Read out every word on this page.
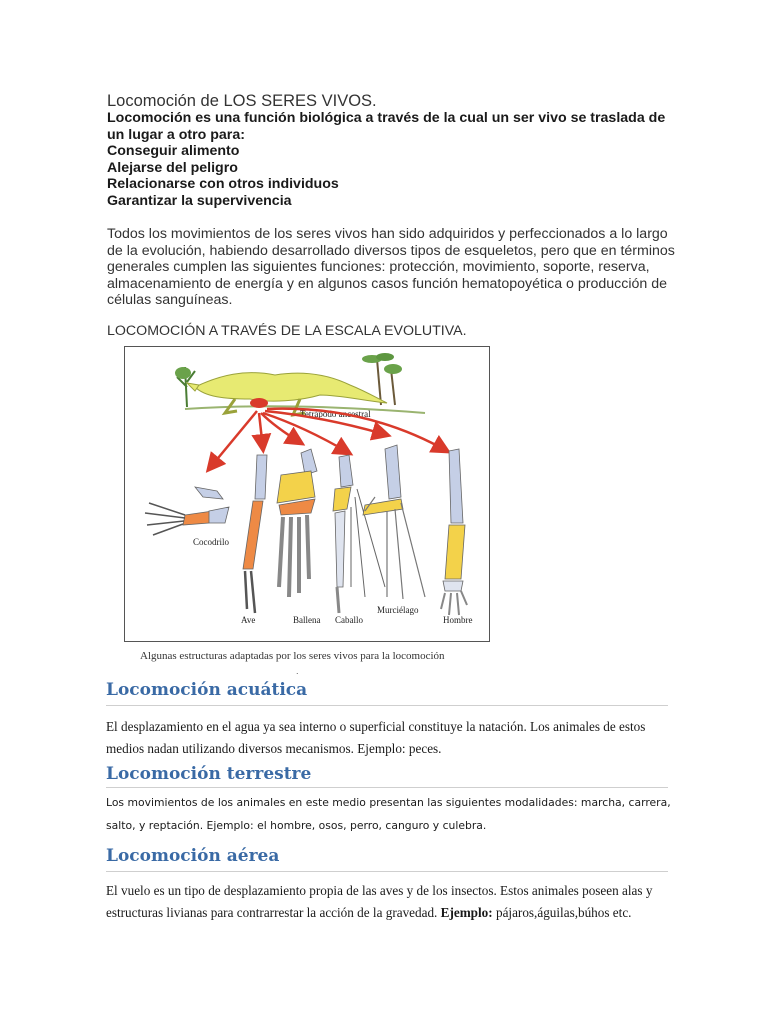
Locomoción de LOS SERES VIVOS.
Locomoción es una función biológica a través de la cual un ser vivo se traslada de
un lugar a otro para:
Conseguir alimento
Alejarse del peligro
Relacionarse con otros individuos
Garantizar la supervivencia
Todos los movimientos de los seres vivos han sido adquiridos y perfeccionados a lo largo
de la evolución, habiendo desarrollado diversos tipos de esqueletos, pero que en términos
generales cumplen las siguientes funciones: protección, movimiento, soporte, reserva,
almacenamiento de energía y en algunos casos función hematopoyética o producción de
células sanguíneas.
LOCOMOCIÓN A TRAVÉS DE LA ESCALA EVOLUTIVA.
Tetrápodo ancestral
Cocodrilo
Ave	Ballena Caballo
Murciélago
Hombre
Algunas estructuras adaptadas por los seres vivos para la locomoción
.
Locomoción acuática
El desplazamiento en el agua ya sea interno o superficial constituye la natación. Los animales de estos
medios nadan utilizando diversos mecanismos. Ejemplo: peces.
Locomoción terrestre
Los movimientos de los animales en este medio presentan las siguientes modalidades: marcha, carrera,
salto, y reptación. Ejemplo: el hombre, osos, perro, canguro y culebra.
Locomoción aérea
El vuelo es un tipo de desplazamiento propia de las aves y de los insectos. Estos animales poseen alas y
estructuras livianas para contrarrestar la acción de la gravedad. Ejemplo: pájaros,águilas,búhos etc.
